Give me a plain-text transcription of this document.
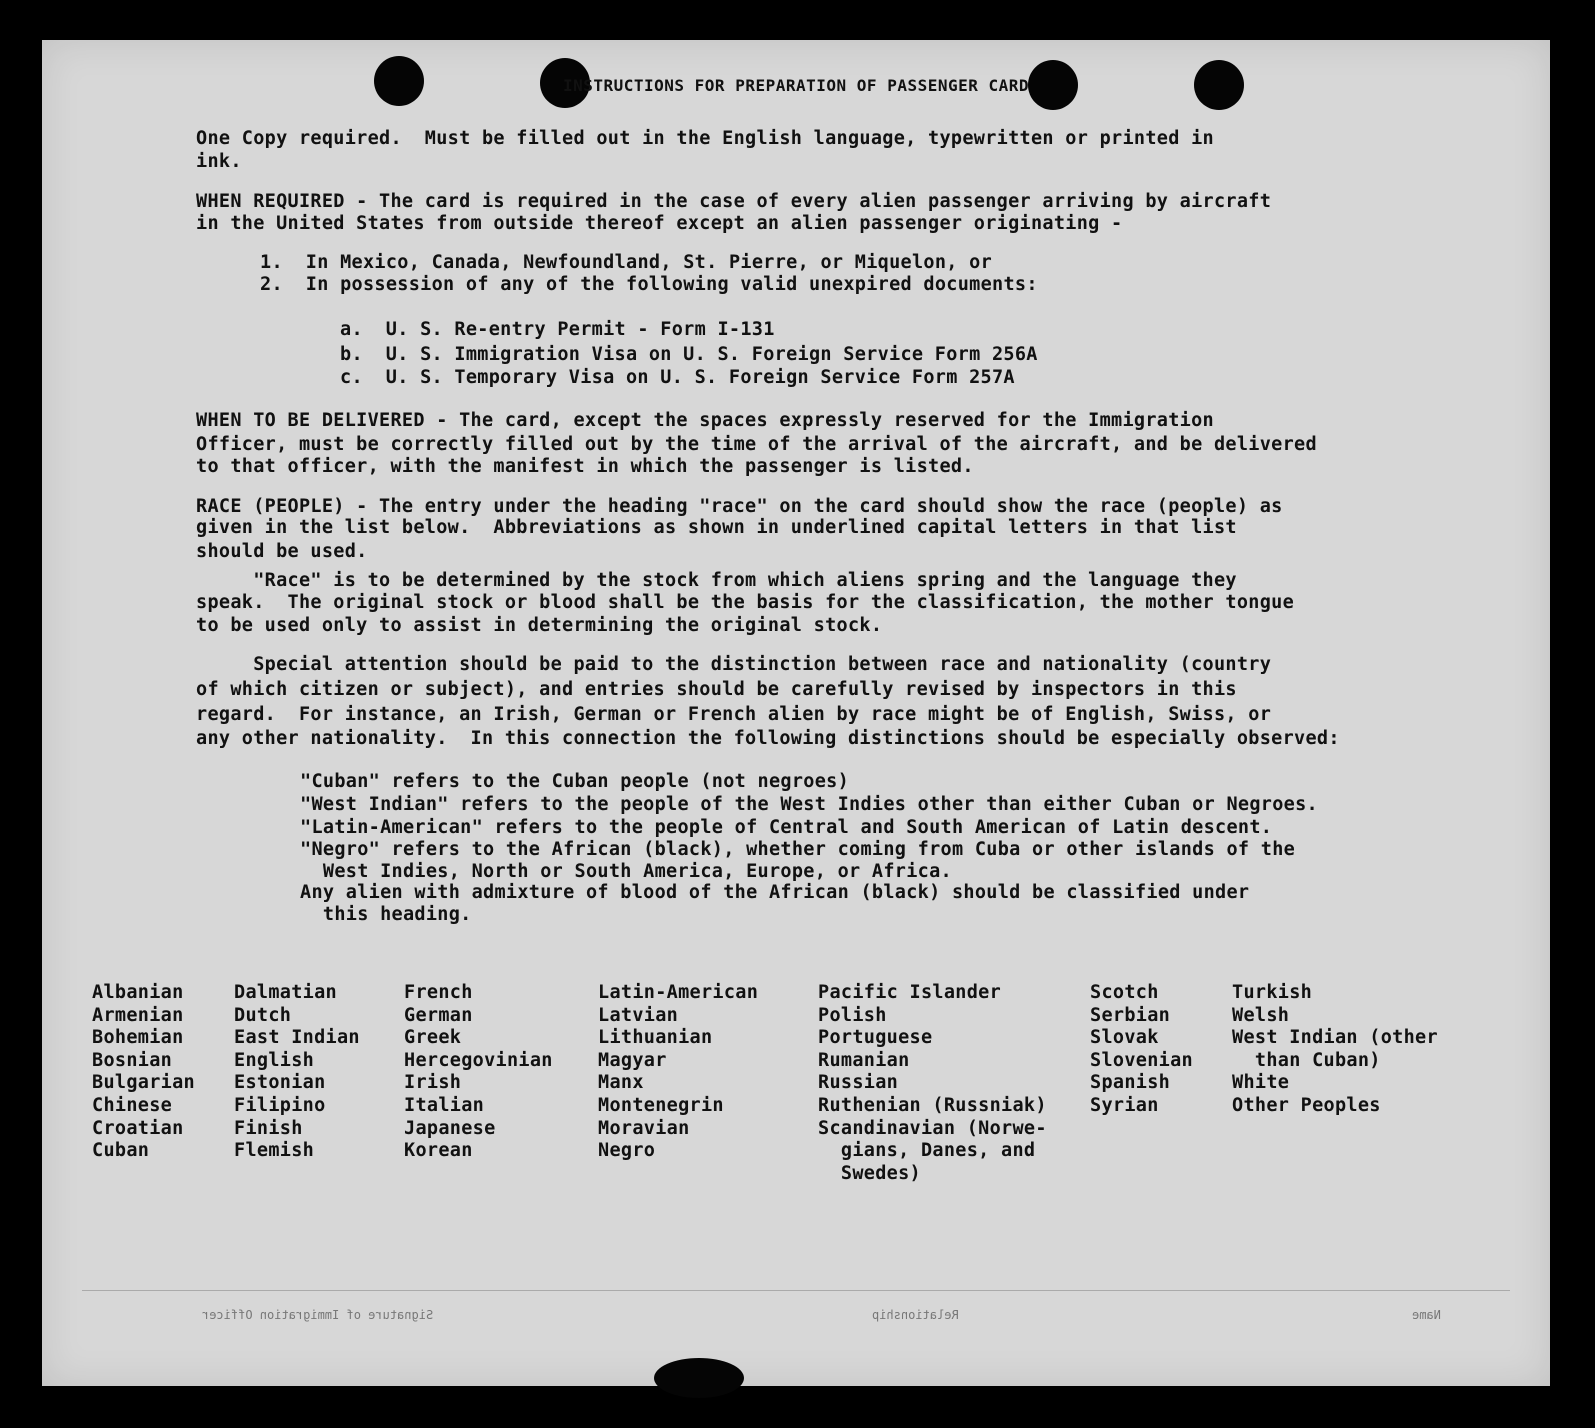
INSTRUCTIONS FOR PREPARATION OF PASSENGER CARD
One Copy required.  Must be filled out in the English language, typewritten or printed in
ink.
WHEN REQUIRED - The card is required in the case of every alien passenger arriving by aircraft
in the United States from outside thereof except an alien passenger originating -
1.  In Mexico, Canada, Newfoundland, St. Pierre, or Miquelon, or
2.  In possession of any of the following valid unexpired documents:
a.  U. S. Re-entry Permit - Form I-131
b.  U. S. Immigration Visa on U. S. Foreign Service Form 256A
c.  U. S. Temporary Visa on U. S. Foreign Service Form 257A
WHEN TO BE DELIVERED - The card, except the spaces expressly reserved for the Immigration
Officer, must be correctly filled out by the time of the arrival of the aircraft, and be delivered
to that officer, with the manifest in which the passenger is listed.
RACE (PEOPLE) - The entry under the heading "race" on the card should show the race (people) as
given in the list below.  Abbreviations as shown in underlined capital letters in that list
should be used.
"Race" is to be determined by the stock from which aliens spring and the language they
speak.  The original stock or blood shall be the basis for the classification, the mother tongue
to be used only to assist in determining the original stock.
Special attention should be paid to the distinction between race and nationality (country
of which citizen or subject), and entries should be carefully revised by inspectors in this
regard.  For instance, an Irish, German or French alien by race might be of English, Swiss, or
any other nationality.  In this connection the following distinctions should be especially observed:
"Cuban" refers to the Cuban people (not negroes)
"West Indian" refers to the people of the West Indies other than either Cuban or Negroes.
"Latin-American" refers to the people of Central and South American of Latin descent.
"Negro" refers to the African (black), whether coming from Cuba or other islands of the
West Indies, North or South America, Europe, or Africa.
Any alien with admixture of blood of the African (black) should be classified under
this heading.
Albanian
Armenian
Bohemian
Bosnian
Bulgarian
Chinese
Croatian
Cuban
Dalmatian
Dutch
East Indian
English
Estonian
Filipino
Finish
Flemish
French
German
Greek
Hercegovinian
Irish
Italian
Japanese
Korean
Latin-American
Latvian
Lithuanian
Magyar
Manx
Montenegrin
Moravian
Negro
Pacific Islander
Polish
Portuguese
Rumanian
Russian
Ruthenian (Russniak)
Scandinavian (Norwe-
gians, Danes, and
Swedes)
Scotch
Serbian
Slovak
Slovenian
Spanish
Syrian
Turkish
Welsh
West Indian (other
than Cuban)
White
Other Peoples
Signature of Immigration Officer	Relationship	Name
